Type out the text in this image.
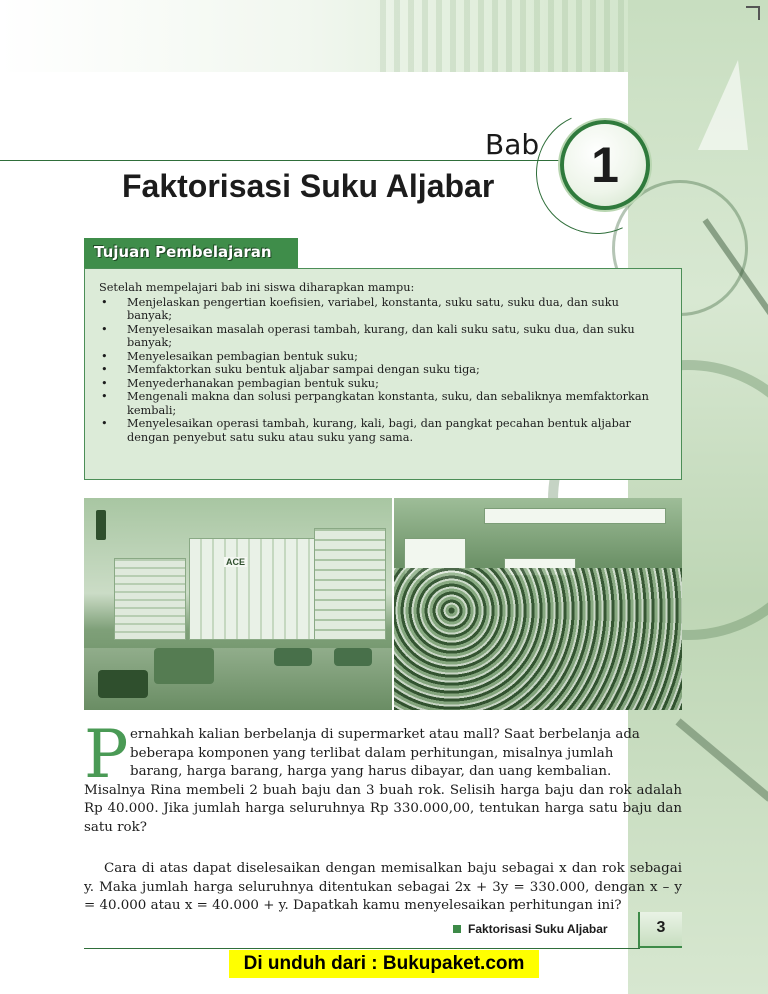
Bab
Faktorisasi Suku Aljabar	1
Tujuan Pembelajaran

Setelah mempelajari bab ini siswa diharapkan mampu:

• Menjelaskan pengertian koefisien, variabel, konstanta, suku satu, suku dua, dan suku banyak;
• Menyelesaikan masalah operasi tambah, kurang, dan kali suku satu, suku dua, dan suku banyak;
• Menyelesaikan pembagian bentuk suku;
• Memfaktorkan suku bentuk aljabar sampai dengan suku tiga;
• Menyederhanakan pembagian bentuk suku;
• Mengenali makna dan solusi perpangkatan konstanta, suku, dan sebaliknya memfaktorkan kembali;
• Menyelesaikan operasi tambah, kurang, kali, bagi, dan pangkat pecahan bentuk aljabar dengan penyebut satu suku atau suku yang sama.
ACE
P ernahkah kalian berbelanja di supermarket atau mall? Saat berbelanja ada
beberapa komponen yang terlibat dalam perhitungan, misalnya jumlah
barang, harga barang, harga yang harus dibayar, dan uang kembalian.
Misalnya Rina membeli 2 buah baju dan 3 buah rok. Selisih harga baju dan rok adalah Rp 40.000. Jika jumlah harga seluruhnya Rp 330.000,00, tentukan harga satu baju dan satu rok?

Cara di atas dapat diselesaikan dengan memisalkan baju sebagai x dan rok sebagai y. Maka jumlah harga seluruhnya ditentukan sebagai 2x + 3y = 330.000, dengan x – y = 40.000 atau x = 40.000 + y. Dapatkah kamu menyelesaikan perhitungan ini?

Faktorisasi Suku Aljabar	3
Di unduh dari : Bukupaket.com
